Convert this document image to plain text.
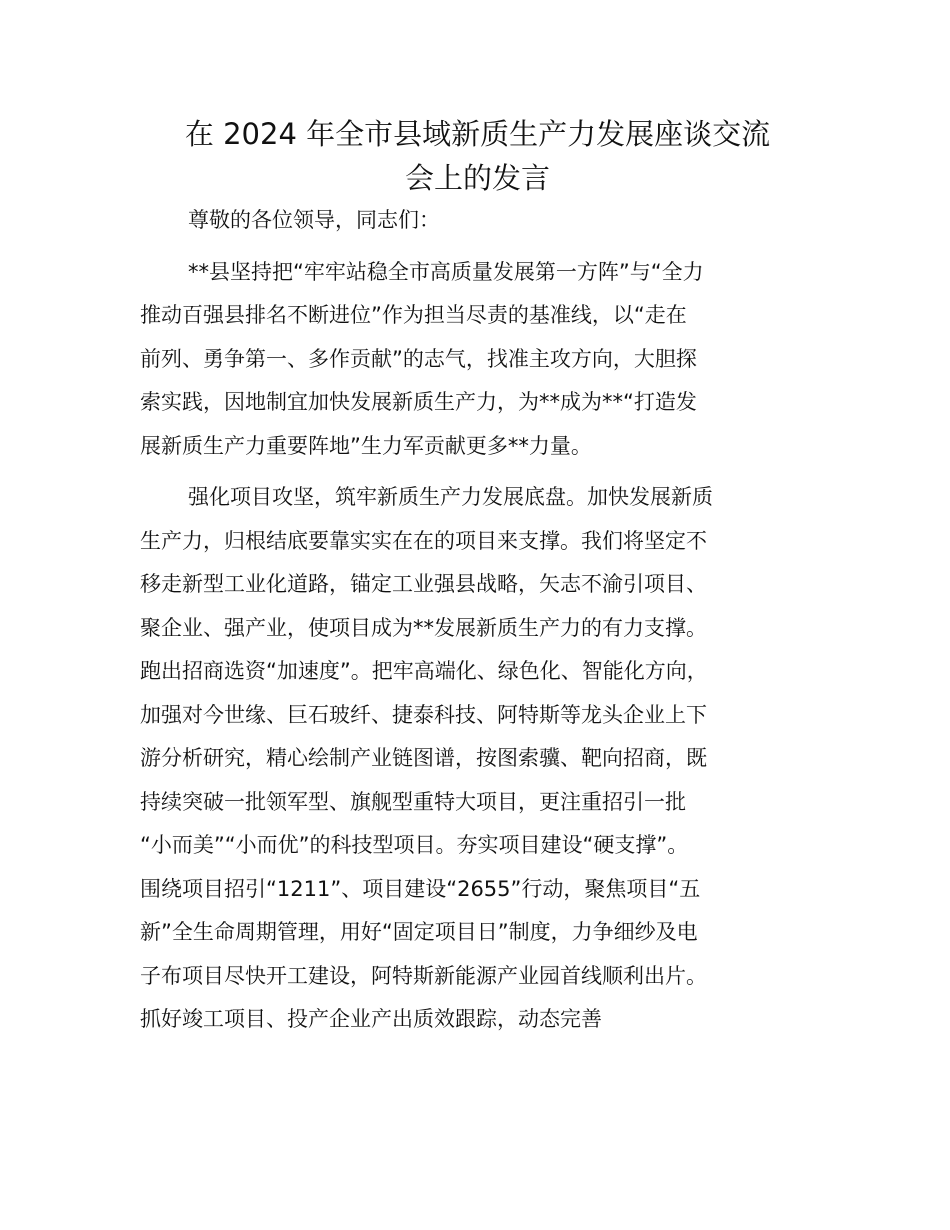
在 2024 年全市县域新质生产力发展座谈交流
会上的发言

尊敬的各位领导，同志们：

**县坚持把“牢牢站稳全市高质量发展第一方阵”与“全力
推动百强县排名不断进位”作为担当尽责的基准线，以“走在
前列、勇争第一、多作贡献”的志气，找准主攻方向，大胆探
索实践，因地制宜加快发展新质生产力，为**成为**“打造发
展新质生产力重要阵地”生力军贡献更多**力量。

强化项目攻坚，筑牢新质生产力发展底盘。加快发展新质
生产力，归根结底要靠实实在在的项目来支撑。我们将坚定不
移走新型工业化道路，锚定工业强县战略，矢志不渝引项目、
聚企业、强产业，使项目成为**发展新质生产力的有力支撑。
跑出招商选资“加速度”。把牢高端化、绿色化、智能化方向，
加强对今世缘、巨石玻纤、捷泰科技、阿特斯等龙头企业上下
游分析研究，精心绘制产业链图谱，按图索骥、靶向招商，既
持续突破一批领军型、旗舰型重特大项目，更注重招引一批
“小而美”“小而优”的科技型项目。夯实项目建设“硬支撑”。
围绕项目招引“1211”、项目建设“2655”行动，聚焦项目“五
新”全生命周期管理，用好“固定项目日”制度，力争细纱及电
子布项目尽快开工建设，阿特斯新能源产业园首线顺利出片。
抓好竣工项目、投产企业产出质效跟踪，动态完善
